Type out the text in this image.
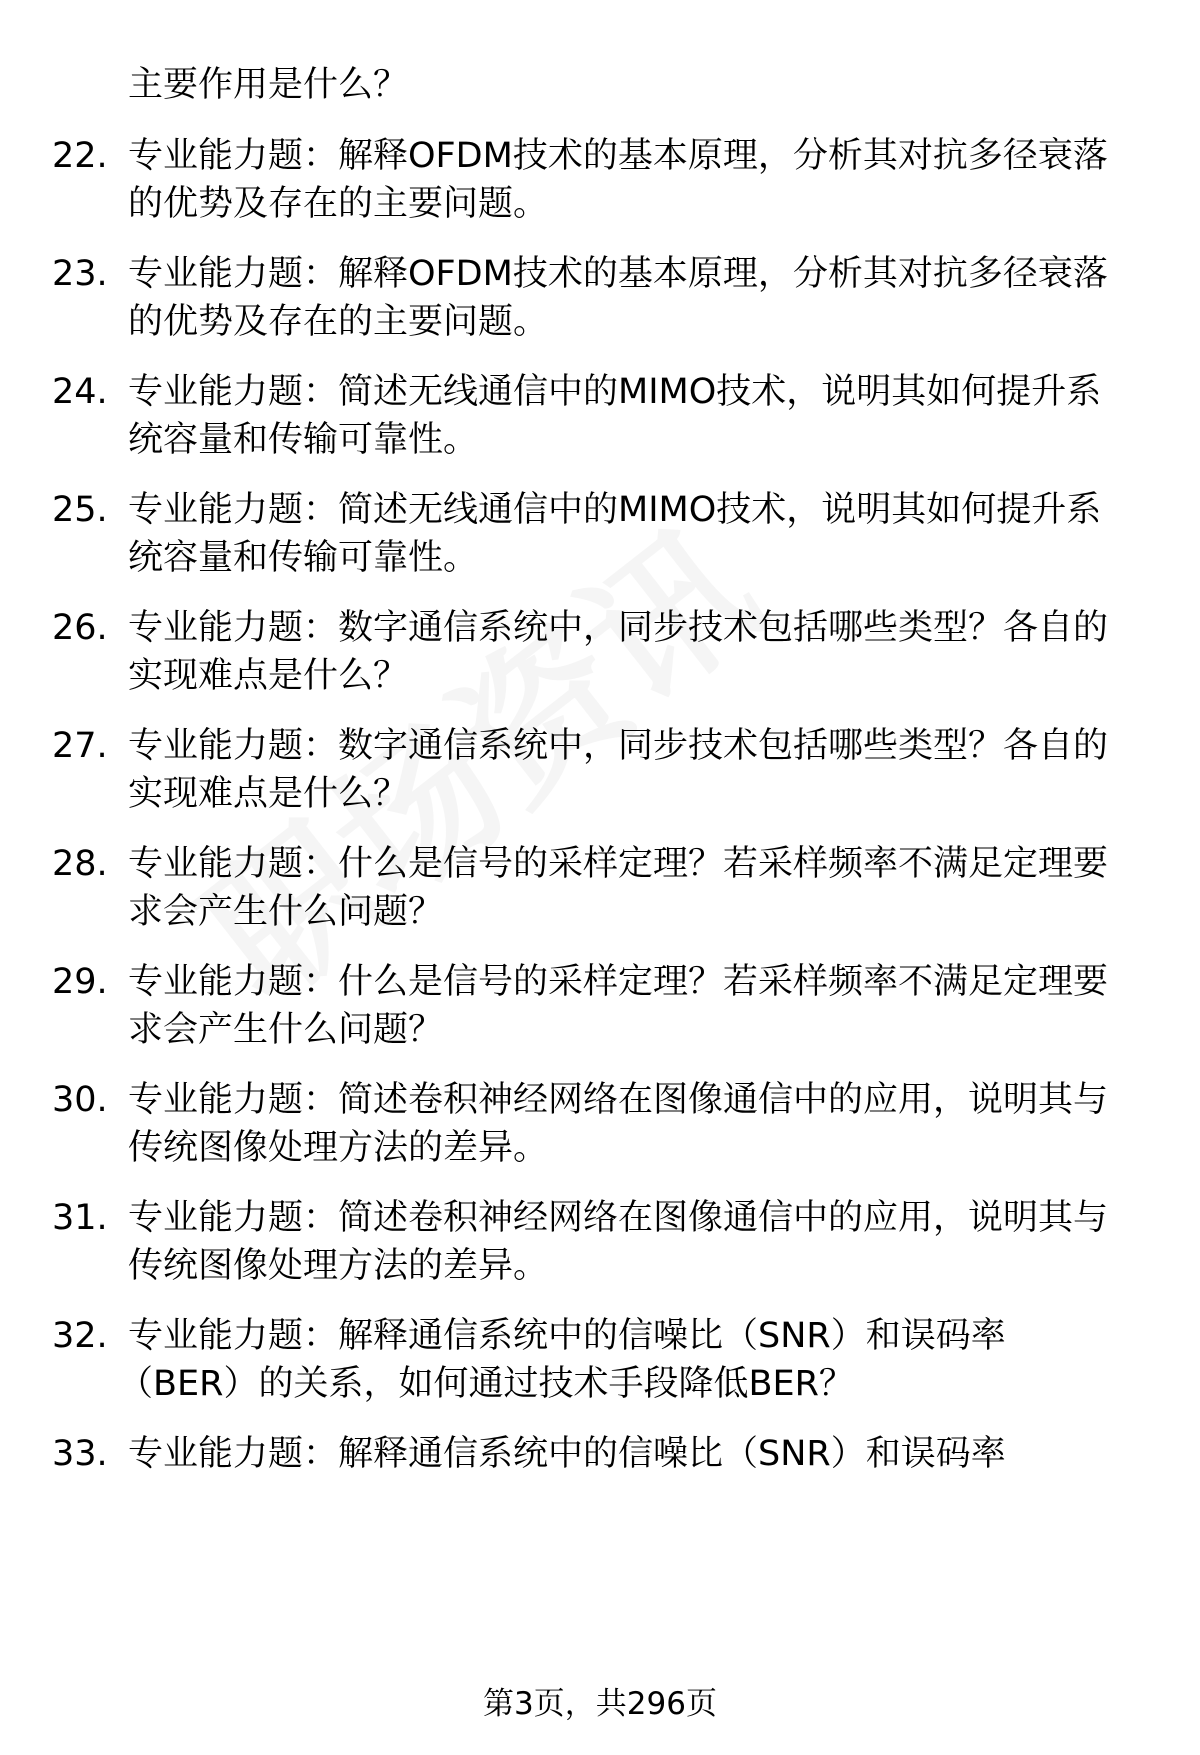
主要作用是什么？
22. 专业能力题：解释OFDM技术的基本原理，分析其对抗多径衰落
的优势及存在的主要问题。
23. 专业能力题：解释OFDM技术的基本原理，分析其对抗多径衰落
的优势及存在的主要问题。
24. 专业能力题：简述无线通信中的MIMO技术，说明其如何提升系
统容量和传输可靠性。
25. 专业能力题：简述无线通信中的MIMO技术，说明其如何提升系
统容量和传输可靠性。
26. 专业能力题：数字通信系统中，同步技术包括哪些类型？各自的
实现难点是什么？
27. 专业能力题：数字通信系统中，同步技术包括哪些类型？各自的
实现难点是什么？
28. 专业能力题：什么是信号的采样定理？若采样频率不满足定理要
求会产生什么问题？
29. 专业能力题：什么是信号的采样定理？若采样频率不满足定理要
求会产生什么问题？
30. 专业能力题：简述卷积神经网络在图像通信中的应用，说明其与
传统图像处理方法的差异。
31. 专业能力题：简述卷积神经网络在图像通信中的应用，说明其与
传统图像处理方法的差异。
32. 专业能力题：解释通信系统中的信噪比（SNR）和误码率
（BER）的关系，如何通过技术手段降低BER？
33. 专业能力题：解释通信系统中的信噪比（SNR）和误码率
第3页，共296页
